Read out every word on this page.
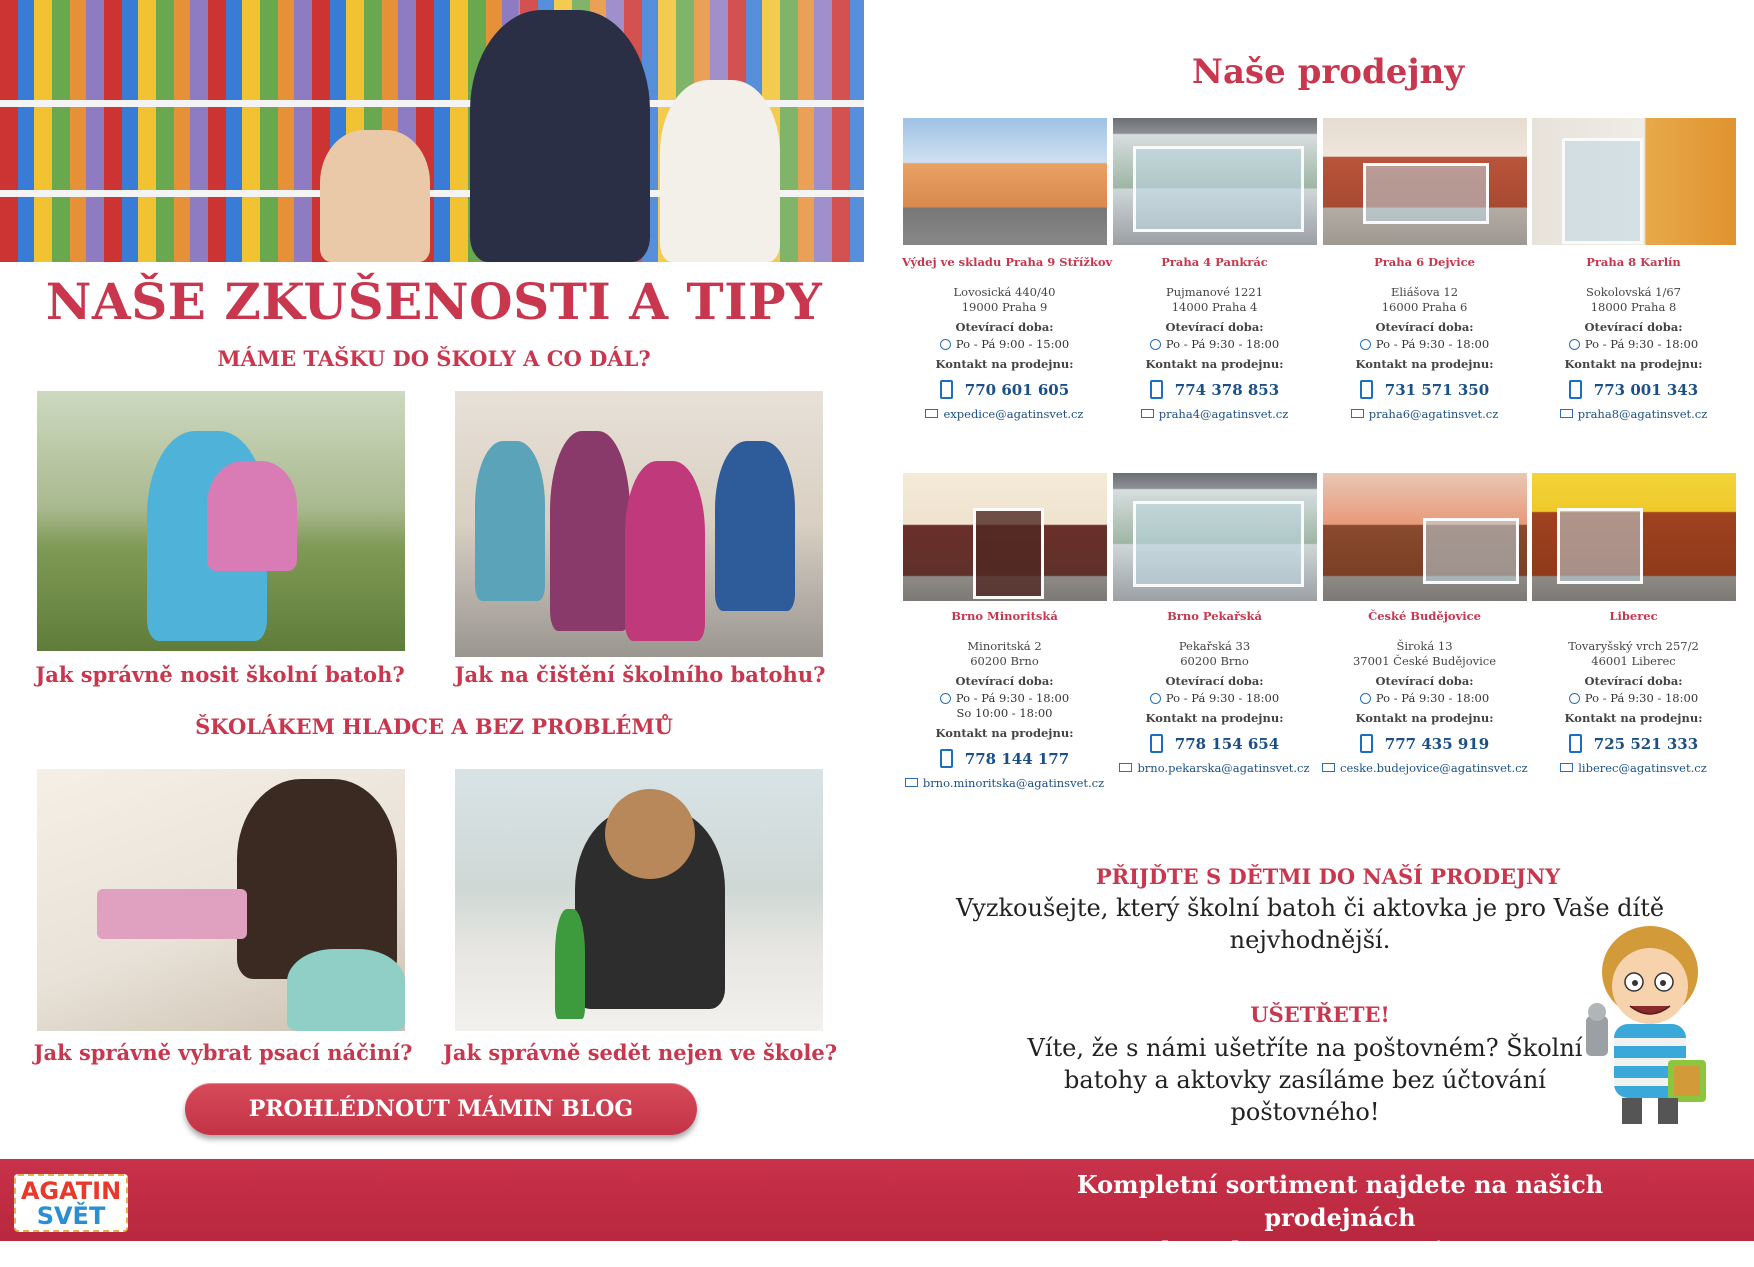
NAŠE ZKUŠENOSTI A TIPY
MÁME TAŠKU DO ŠKOLY A CO DÁL?
Jak správně nosit školní batoh?	Jak na čištění školního batohu?
ŠKOLÁKEM HLADCE A BEZ PROBLÉMŮ
Jak správně vybrat psací náčiní?	Jak správně sedět nejen ve škole?
PROHLÉDNOUT MÁMIN BLOG
Naše prodejny
Výdej ve skladu Praha 9 Střížkov
Lovosická 440/40
19000 Praha 9
Otevírací doba:
Po - Pá 9:00 - 15:00
Kontakt na prodejnu:
770 601 605
expedice@agatinsvet.cz
Praha 4 Pankrác
Pujmanové 1221
14000 Praha 4
Otevírací doba:
Po - Pá 9:30 - 18:00
Kontakt na prodejnu:
774 378 853
praha4@agatinsvet.cz
Praha 6 Dejvice
Eliášova 12
16000 Praha 6
Otevírací doba:
Po - Pá 9:30 - 18:00
Kontakt na prodejnu:
731 571 350
praha6@agatinsvet.cz
Praha 8 Karlín
Sokolovská 1/67
18000 Praha 8
Otevírací doba:
Po - Pá 9:30 - 18:00
Kontakt na prodejnu:
773 001 343
praha8@agatinsvet.cz
Brno Minoritská
Minoritská 2
60200 Brno
Otevírací doba:
Po - Pá 9:30 - 18:00
So 10:00 - 18:00
Kontakt na prodejnu:
778 144 177
brno.minoritska@agatinsvet.cz
Brno Pekařská
Pekařská 33
60200 Brno
Otevírací doba:
Po - Pá 9:30 - 18:00
Kontakt na prodejnu:
778 154 654
brno.pekarska@agatinsvet.cz
České Budějovice
Široká 13
37001 České Budějovice
Otevírací doba:
Po - Pá 9:30 - 18:00
Kontakt na prodejnu:
777 435 919
ceske.budejovice@agatinsvet.cz
Liberec
Tovaryšský vrch 257/2
46001 Liberec
Otevírací doba:
Po - Pá 9:30 - 18:00
Kontakt na prodejnu:
725 521 333
liberec@agatinsvet.cz
PŘIJĎTE S DĚTMI DO NAŠÍ PRODEJNY
Vyzkoušejte, který školní batoh či aktovka je pro Vaše dítě nejvhodnější.
UŠETŘETE!
Víte, že s námi ušetříte na poštovném? Školní batohy a aktovky zasíláme bez účtování poštovného!
AGATIN
SVĚT
Kompletní sortiment najdete na našich prodejnách
nebo eshopu www.agatinsvet.cz
